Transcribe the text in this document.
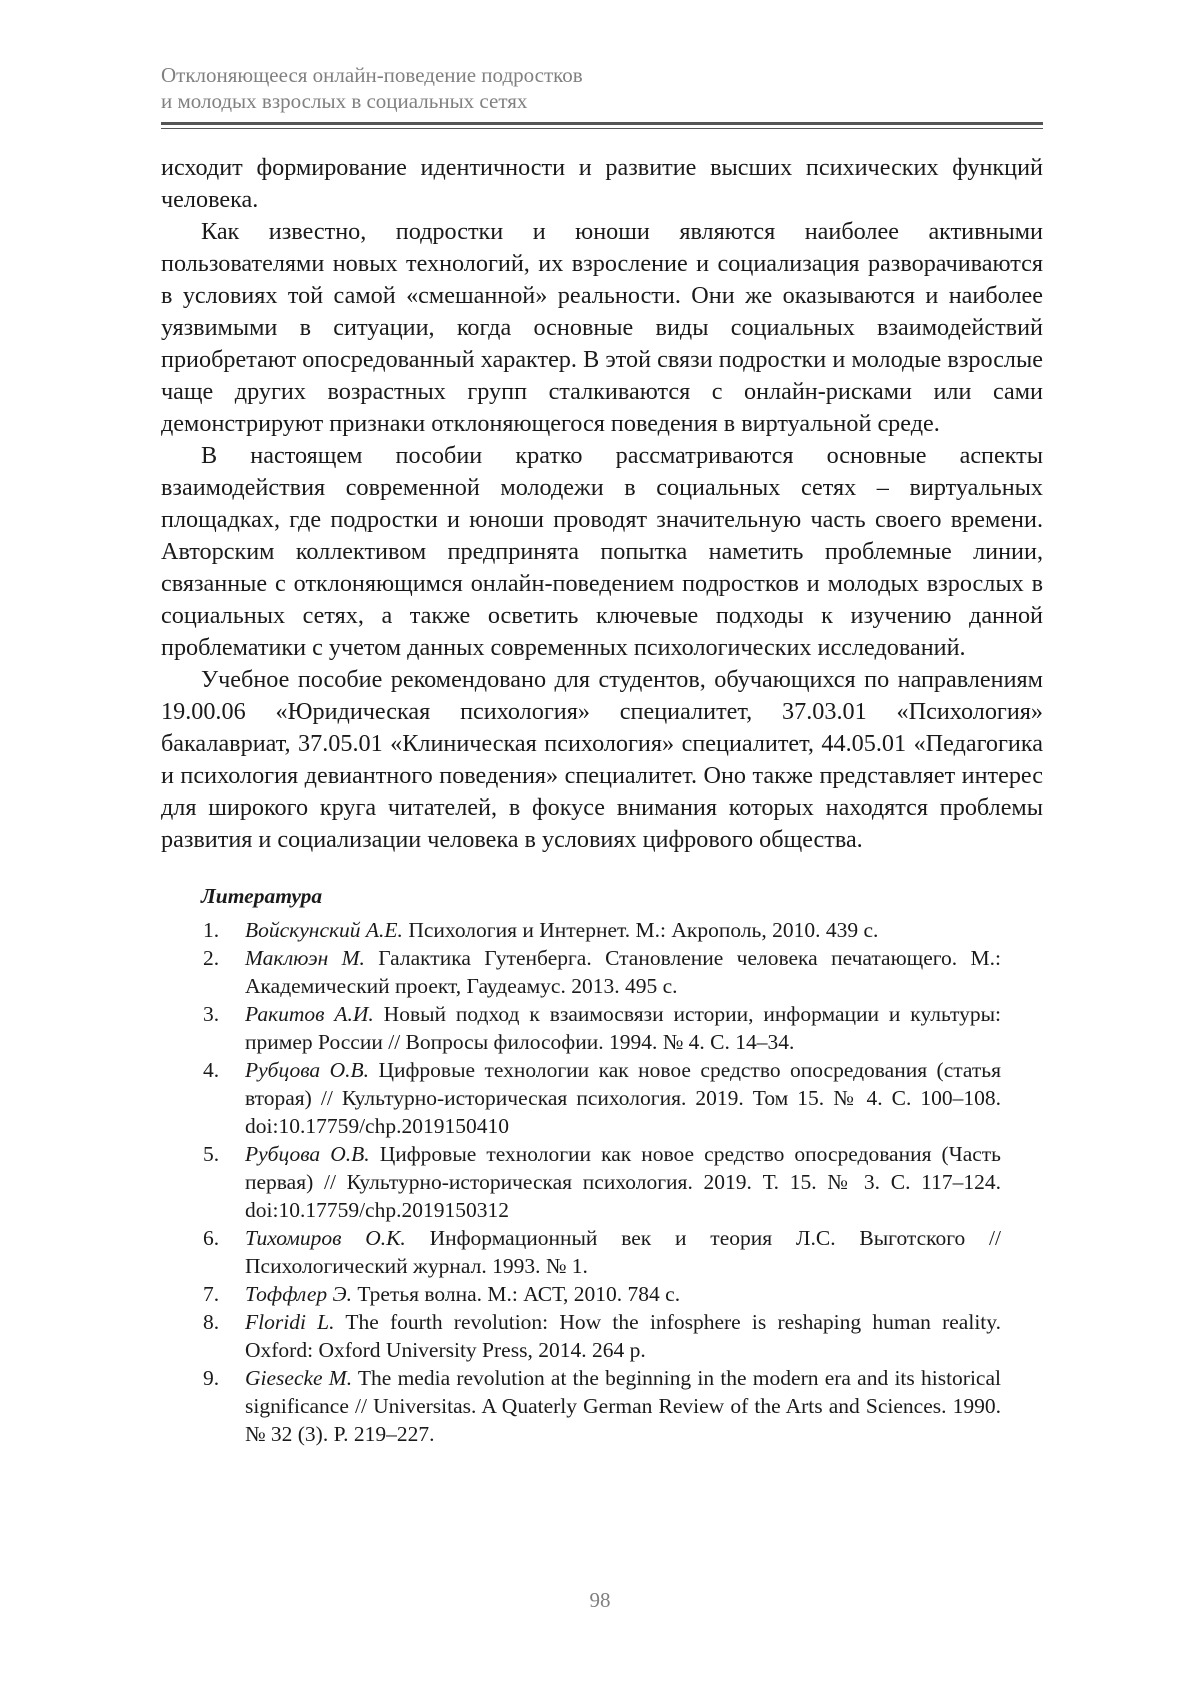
Отклоняющееся онлайн-поведение подростков
и молодых взрослых в социальных сетях

исходит формирование идентичности и развитие высших психических функций человека.

Как известно, подростки и юноши являются наиболее активными пользователями новых технологий, их взросление и социализация разворачиваются в условиях той самой «смешанной» реальности. Они же оказываются и наиболее уязвимыми в ситуации, когда основные виды социальных взаимодействий приобретают опосредованный характер. В этой связи подростки и молодые взрослые чаще других возрастных групп сталкиваются с онлайн-рисками или сами демонстрируют признаки отклоняющегося поведения в виртуальной среде.

В настоящем пособии кратко рассматриваются основные аспекты взаимодействия современной молодежи в социальных сетях – виртуальных площадках, где подростки и юноши проводят значительную часть своего времени. Авторским коллективом предпринята попытка наметить проблемные линии, связанные с отклоняющимся онлайн-поведением подростков и молодых взрослых в социальных сетях, а также осветить ключевые подходы к изучению данной проблематики с учетом данных современных психологических исследований.

Учебное пособие рекомендовано для студентов, обучающихся по направлениям 19.00.06 «Юридическая психология» специалитет, 37.03.01 «Психология» бакалавриат, 37.05.01 «Клиническая психология» специалитет, 44.05.01 «Педагогика и психология девиантного поведения» специалитет. Оно также представляет интерес для широкого круга читателей, в фокусе внимания которых находятся проблемы развития и социализации человека в условиях цифрового общества.

Литература
1. Войскунский А.Е. Психология и Интернет. М.: Акрополь, 2010. 439 с.
2. Маклюэн М. Галактика Гутенберга. Становление человека печатающего. М.: Академический проект, Гаудеамус. 2013. 495 с.
3. Ракитов А.И. Новый подход к взаимосвязи истории, информации и культуры: пример России // Вопросы философии. 1994. № 4. С. 14–34.
4. Рубцова О.В. Цифровые технологии как новое средство опосредования (статья вторая) // Культурно-историческая психология. 2019. Том 15. № 4. С. 100–108. doi:10.17759/chp.2019150410
5. Рубцова О.В. Цифровые технологии как новое средство опосредования (Часть первая) // Культурно-историческая психология. 2019. Т. 15. № 3. С. 117–124. doi:10.17759/chp.2019150312
6. Тихомиров О.К. Информационный век и теория Л.С. Выготского // Психологический журнал. 1993. № 1.
7. Тоффлер Э. Третья волна. М.: АСТ, 2010. 784 с.
8. Floridi L. The fourth revolution: How the infosphere is reshaping human reality. Oxford: Oxford University Press, 2014. 264 p.
9. Giesecke M. The media revolution at the beginning in the modern era and its historical significance // Universitas. A Quaterly German Review of the Arts and Sciences. 1990. № 32 (3). P. 219–227.
98
